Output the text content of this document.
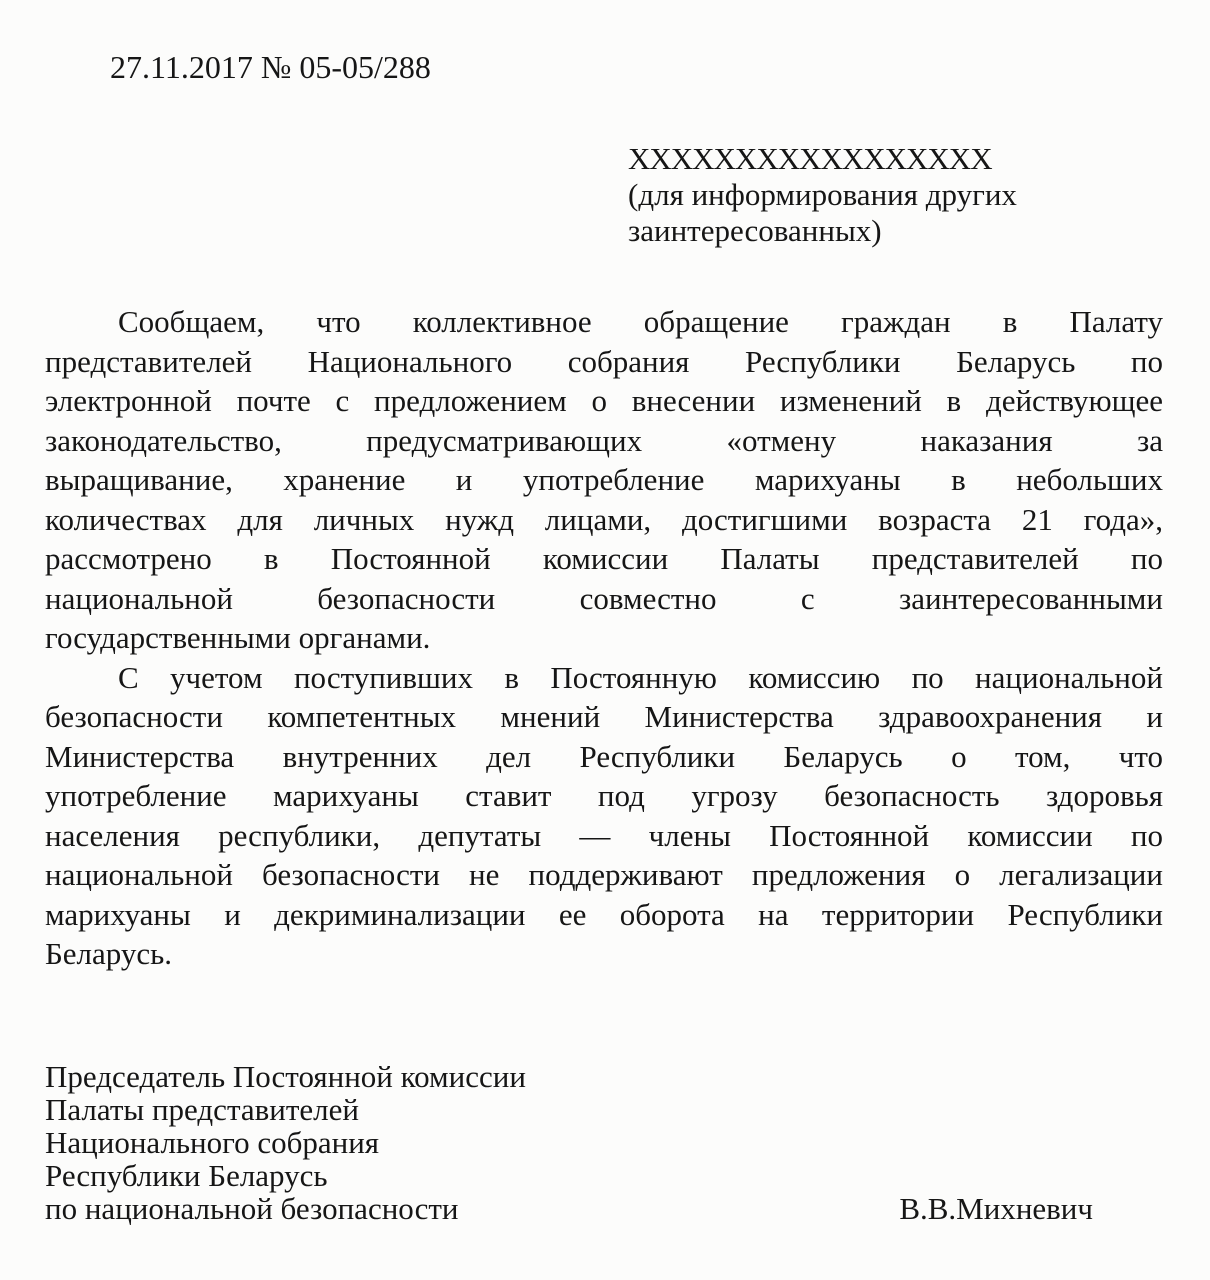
27.11.2017 № 05-05/288
ХХХХХХХХХХХХХХХХХ
(для информирования других
заинтересованных)
Сообщаем, что коллективное обращение граждан в Палату
представителей Национального собрания Республики Беларусь по
электронной почте с предложением о внесении изменений в действующее
законодательство, предусматривающих «отмену наказания за
выращивание, хранение и употребление марихуаны в небольших
количествах для личных нужд лицами, достигшими возраста 21 года»,
рассмотрено в Постоянной комиссии Палаты представителей по
национальной безопасности совместно с заинтересованными
государственными органами.
С учетом поступивших в Постоянную комиссию по национальной
безопасности компетентных мнений Министерства здравоохранения и
Министерства внутренних дел Республики Беларусь о том, что
употребление марихуаны ставит под угрозу безопасность здоровья
населения республики, депутаты — члены Постоянной комиссии по
национальной безопасности не поддерживают предложения о легализации
марихуаны и декриминализации ее оборота на территории Республики
Беларусь.
Председатель Постоянной комиссии
Палаты представителей
Национального собрания
Республики Беларусь
по национальной безопасности	В.В.Михневич
